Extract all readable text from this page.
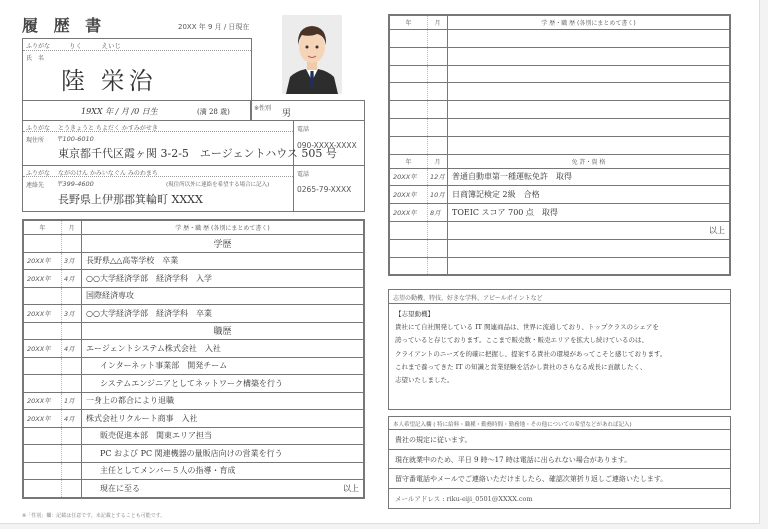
履 歴 書	20XX 年 9 月 / 日現在
ふりがな	りく　　　えいじ
氏　名
陸 栄治
19XX 年 / 月 /0 日生	(満 28 歳)	※性別
男
ふりがな とうきょうと ちよだく かすみがせき
現住所 〒100-6010
東京都千代区霞ヶ関 3-2-5　エージェントハウス 505 号
電話
090-XXXX-XXXX
ふりがな ながのけん かみいなぐん みのわまち
連絡先 〒399-4600	(現住所以外に連絡を希望する場合に記入)
長野県上伊那郡箕輪町 XXXX
電話
0265-79-XXXX
年	月	学 歴・職 歴 (各別にまとめて書く)
		学歴
20XX年	3月	長野県△△高等学校　卒業
20XX年	4月	○○大学経済学部　経済学科　入学
		国際経済専攻
20XX年	3月	○○大学経済学部　経済学科　卒業
		職歴
20XX年	4月	エージェントシステム株式会社　入社
		インターネット事業部　開発チーム
		システムエンジニアとしてネットワーク構築を行う
20XX年	1月	一身上の都合により退職
20XX年	4月	株式会社リクルート商事　入社
		販売促進本部　関東エリア担当
		PC および PC 関連機器の量販店向けの営業を行う
		主任としてメンバー５人の指導・育成
		現在に至る 以上
年	月	学 歴・職 歴 (各別にまとめて書く)

年	月	免 許・資 格
20XX年	12月	普通自動車第一種運転免許　取得
20XX年	10月	日商簿記検定 2級　合格
20XX年	8月	TOEIC スコア 700 点　取得

		以上

志望の動機、特技、好きな学科、アピールポイントなど
【志望動機】
貴社にて自社開発している IT 関連商品は、世界に流通しており、トップクラスのシェアを
誇っていると存じております。ここまで販売数・販売エリアを拡大し続けているのは、
クライアントのニーズを的確に把握し、提案する貴社の環境があってこそと感じております。
これまで養ってきた IT の知識と営業経験を活かし貴社のさらなる成長に貢献したく、
志望いたしました。
本人希望記入欄 ( 特に給料・職種・勤務時間・勤務地・その他についての希望などがあれば記入)
貴社の規定に従います。
現在就業中のため、平日 9 時〜17 時は電話に出られない場合があります。
留守番電話やメールでご連絡いただけましたら、確認次第折り返しご連絡いたします。
メールアドレス : riku-eiji_0501@XXXX.com
※「性別」欄：記載は任意です。未記載とすることも可能です。
